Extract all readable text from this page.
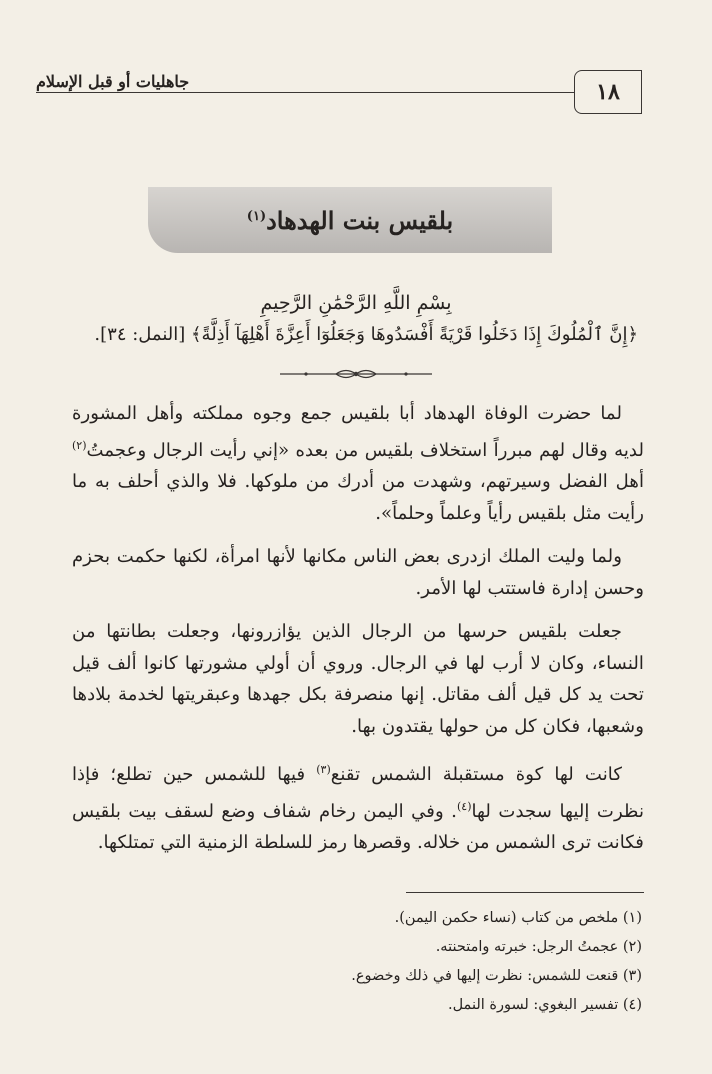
جاهليات أو قبل الإسلام	١٨
بلقيس بنت الهدهاد$^{(١)}$
بِسْمِ اللَّهِ الرَّحْمَٰنِ الرَّحِيمِ
﴿إِنَّ ٱلْمُلُوكَ إِذَا دَخَلُوا قَرْيَةً أَفْسَدُوهَا وَجَعَلُوٓا أَعِزَّةَ أَهْلِهَآ أَذِلَّةً﴾ [النمل: ٣٤].

لما حضرت الوفاة الهدهاد أبا بلقيس جمع وجوه مملكته وأهل المشورة لديه وقال لهم مبرراً استخلاف بلقيس من بعده «إني رأيت الرجال وعجمتُ$^{(٢)}$ أهل الفضل وسيرتهم، وشهدت من أدرك من ملوكها. فلا والذي أحلف به ما رأيت مثل بلقيس رأياً وعلماً وحلماً».

ولما وليت الملك ازدرى بعض الناس مكانها لأنها امرأة، لكنها حكمت بحزم وحسن إدارة فاستتب لها الأمر.

جعلت بلقيس حرسها من الرجال الذين يؤازرونها، وجعلت بطانتها من النساء، وكان لا أرب لها في الرجال. وروي أن أولي مشورتها كانوا ألف قيل تحت يد كل قيل ألف مقاتل. إنها منصرفة بكل جهدها وعبقريتها لخدمة بلادها وشعبها، فكان كل من حولها يقتدون بها.

كانت لها كوة مستقبلة الشمس تقنع$^{(٣)}$ فيها للشمس حين تطلع؛ فإذا نظرت إليها سجدت لها$^{(٤)}$. وفي اليمن رخام شفاف وضع لسقف بيت بلقيس فكانت ترى الشمس من خلاله. وقصرها رمز للسلطة الزمنية التي تمتلكها.

(١) ملخص من كتاب (نساء حكمن اليمن).
(٢) عجمتُ الرجل: خبرته وامتحنته.
(٣) قنعت للشمس: نظرت إليها في ذلك وخضوع.
(٤) تفسير البغوي: لسورة النمل.
